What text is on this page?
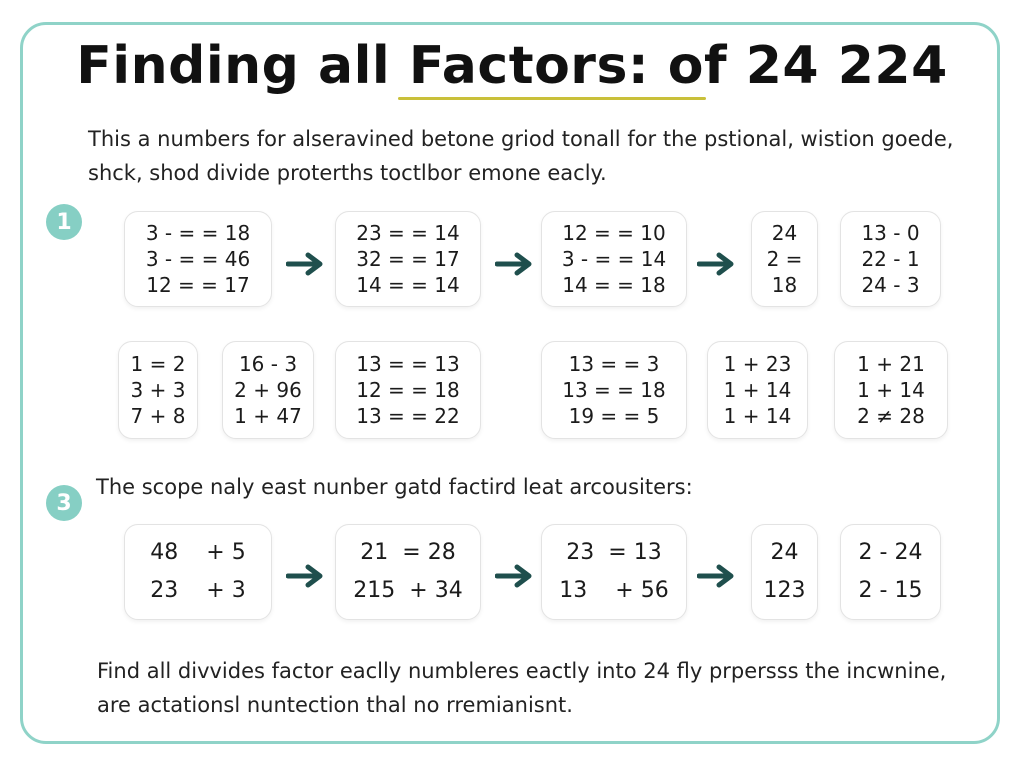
Finding all Factors: of 24 224

This a numbers for alseravined betone griod tonall for the pstional, wistion goede, shck, shod divide proterths toctlbor emone eacly.

1	3 - = = 18
3 - = = 46
12 = = 17
23 = = 14
32 = = 17
14 = = 14
12 = = 10
3 - = = 14
14 = = 18
24
2 =
18
13 - 0
22 - 1
24 - 3
1 = 2
3 + 3
7 + 8
16 - 3
2 + 96
1 + 47
13 = = 13
12 = = 18
13 = = 22
13 = = 3
13 = = 18
19 = = 5
1 + 23
1 + 14
1 + 14
1 + 21
1 + 14
2 ≠ 28

The scope naly east nunber gatd factird leat arcousiters:

3
48    + 5
23    + 3
21  = 28
215  + 34
23  = 13
13    + 56
24
123
2 - 24
2 - 15

Find all divvides factor eaclly numbleres eactly into 24 fly prpersss the incwnine, are actationsl nuntection thal no rremianisnt.
